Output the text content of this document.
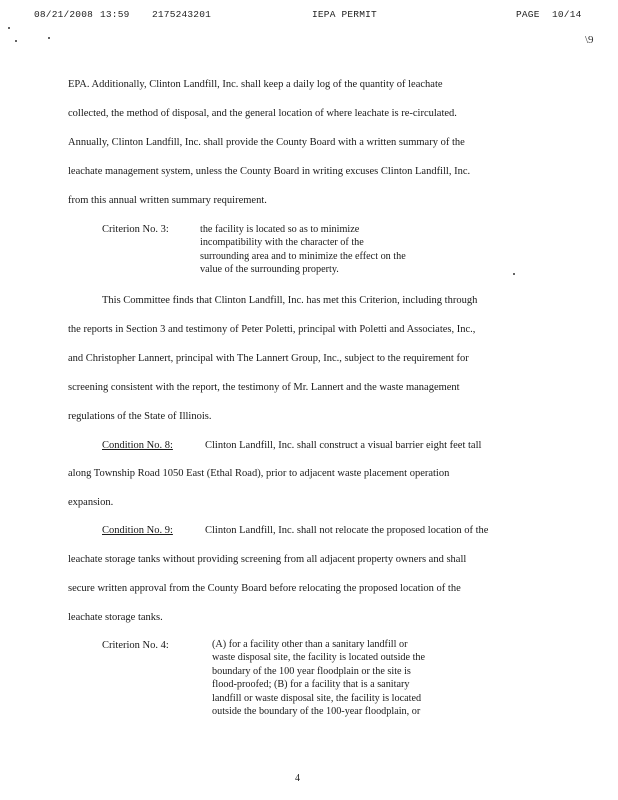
08/21/2008 13:59 2175243201	IEPA PERMIT	PAGE 10/14
\9
EPA. Additionally, Clinton Landfill, Inc. shall keep a daily log of the quantity of leachate
collected, the method of disposal, and the general location of where leachate is re-circulated.
Annually, Clinton Landfill, Inc. shall provide the County Board with a written summary of the
leachate management system, unless the County Board in writing excuses Clinton Landfill, Inc.
from this annual written summary requirement.
Criterion No. 3:	the facility is located so as to minimize
incompatibility with the character of the
surrounding area and to minimize the effect on the
value of the surrounding property.
This Committee finds that Clinton Landfill, Inc. has met this Criterion, including through
the reports in Section 3 and testimony of Peter Poletti, principal with Poletti and Associates, Inc.,
and Christopher Lannert, principal with The Lannert Group, Inc., subject to the requirement for
screening consistent with the report, the testimony of Mr. Lannert and the waste management
regulations of the State of Illinois.
Condition No. 8:	Clinton Landfill, Inc. shall construct a visual barrier eight feet tall
along Township Road 1050 East (Ethal Road), prior to adjacent waste placement operation
expansion.
Condition No. 9:	Clinton Landfill, Inc. shall not relocate the proposed location of the
leachate storage tanks without providing screening from all adjacent property owners and shall
secure written approval from the County Board before relocating the proposed location of the
leachate storage tanks.
Criterion No. 4:	(A) for a facility other than a sanitary landfill or
waste disposal site, the facility is located outside the
boundary of the 100 year floodplain or the site is
flood-proofed; (B) for a facility that is a sanitary
landfill or waste disposal site, the facility is located
outside the boundary of the 100-year floodplain, or
4
